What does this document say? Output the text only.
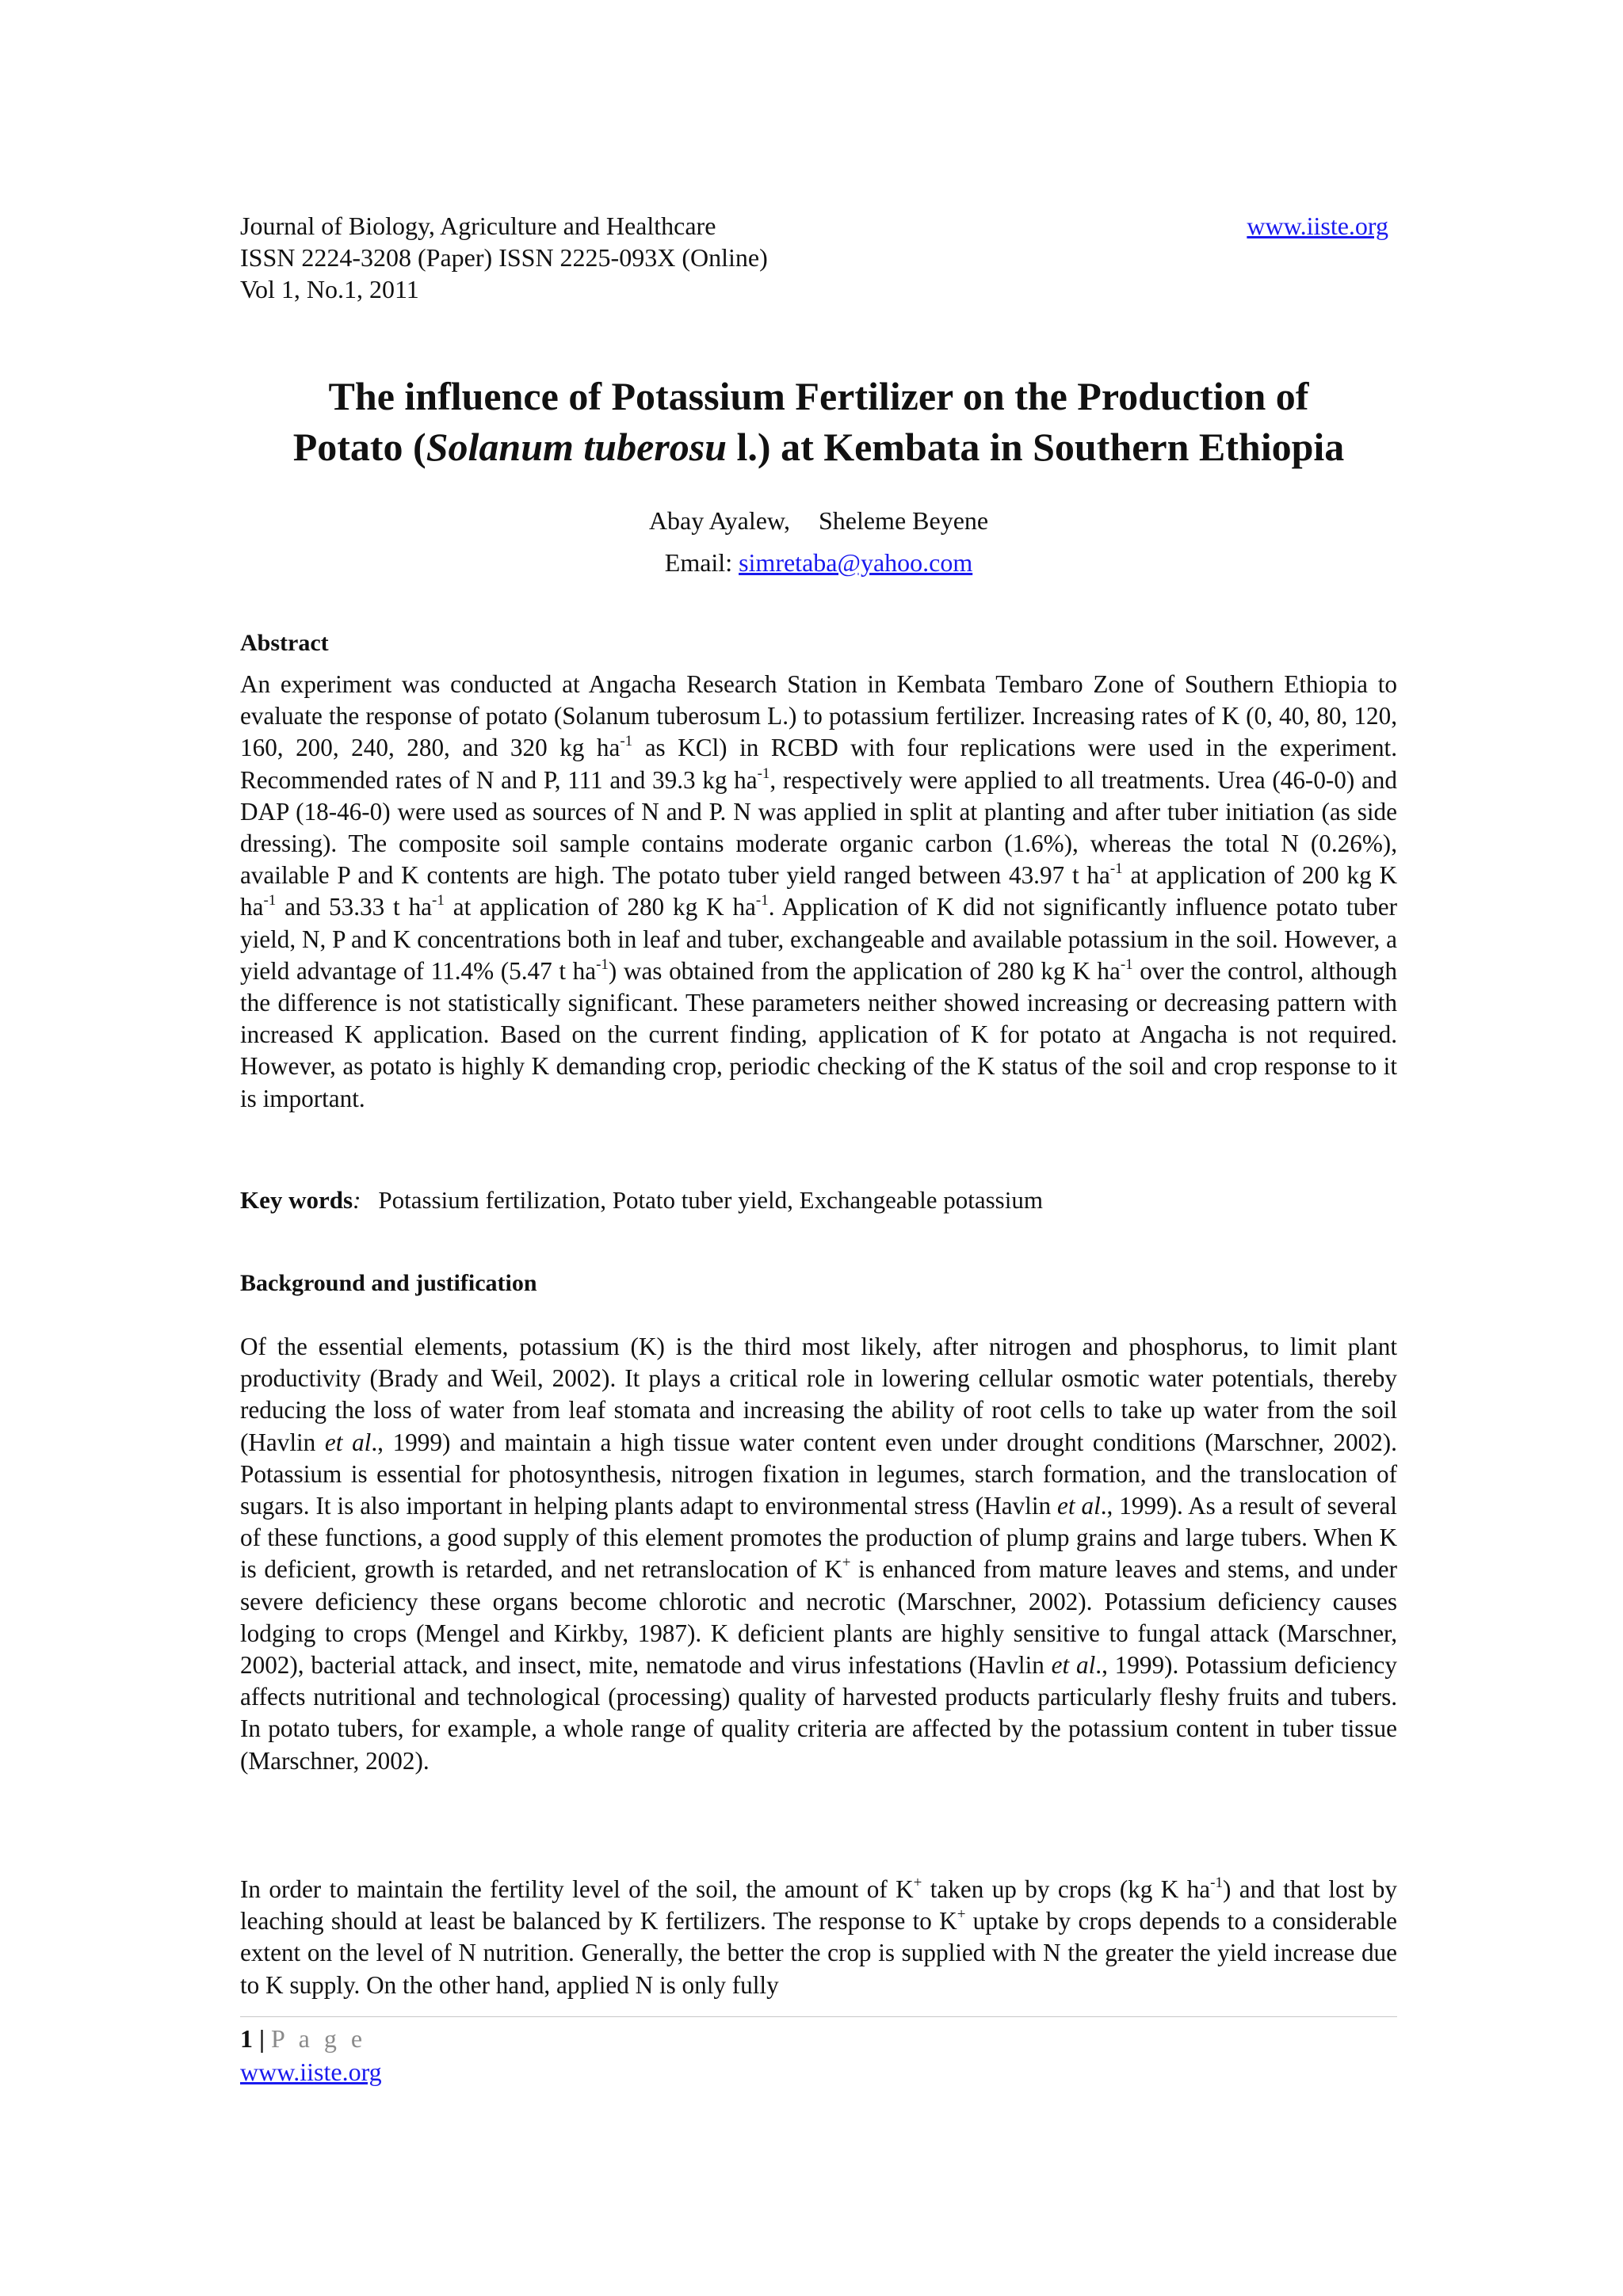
Journal of Biology, Agriculture and Healthcare
ISSN 2224-3208 (Paper) ISSN 2225-093X (Online)
Vol 1, No.1, 2011
www.iiste.org
The influence of Potassium Fertilizer on the Production of
Potato (Solanum tuberosu l.) at Kembata in Southern Ethiopia
Abay Ayalew, Sheleme Beyene
Email: simretaba@yahoo.com
Abstract
An experiment was conducted at Angacha Research Station in Kembata Tembaro Zone of Southern Ethiopia to evaluate the response of potato (Solanum tuberosum L.) to potassium fertilizer. Increasing rates of K (0, 40, 80, 120, 160, 200, 240, 280, and 320 kg $ha^{-1}$ as KCl) in RCBD with four replications were used in the experiment. Recommended rates of N and P, 111 and 39.3 kg $ha^{-1}$, respectively were applied to all treatments. Urea (46-0-0) and DAP (18-46-0) were used as sources of N and P. N was applied in split at planting and after tuber initiation (as side dressing). The composite soil sample contains moderate organic carbon (1.6%), whereas the total N (0.26%), available P and K contents are high. The potato tuber yield ranged between 43.97 t $ha^{-1}$ at application of 200 kg K $ha^{-1}$ and 53.33 t $ha^{-1}$ at application of 280 kg K $ha^{-1}$. Application of K did not significantly influence potato tuber yield, N, P and K concentrations both in leaf and tuber, exchangeable and available potassium in the soil. However, a yield advantage of 11.4% (5.47 t $ha^{-1}$) was obtained from the application of 280 kg K $ha^{-1}$ over the control, although the difference is not statistically significant. These parameters neither showed increasing or decreasing pattern with increased K application. Based on the current finding, application of K for potato at Angacha is not required. However, as potato is highly K demanding crop, periodic checking of the K status of the soil and crop response to it is important.
Key words: Potassium fertilization, Potato tuber yield, Exchangeable potassium
Background and justification
Of the essential elements, potassium (K) is the third most likely, after nitrogen and phosphorus, to limit plant productivity (Brady and Weil, 2002). It plays a critical role in lowering cellular osmotic water potentials, thereby reducing the loss of water from leaf stomata and increasing the ability of root cells to take up water from the soil (Havlin et al., 1999) and maintain a high tissue water content even under drought conditions (Marschner, 2002). Potassium is essential for photosynthesis, nitrogen fixation in legumes, starch formation, and the translocation of sugars. It is also important in helping plants adapt to environmental stress (Havlin et al., 1999). As a result of several of these functions, a good supply of this element promotes the production of plump grains and large tubers. When K is deficient, growth is retarded, and net retranslocation of K+ is enhanced from mature leaves and stems, and under severe deficiency these organs become chlorotic and necrotic (Marschner, 2002). Potassium deficiency causes lodging to crops (Mengel and Kirkby, 1987). K deficient plants are highly sensitive to fungal attack (Marschner, 2002), bacterial attack, and insect, mite, nematode and virus infestations (Havlin et al., 1999). Potassium deficiency affects nutritional and technological (processing) quality of harvested products particularly fleshy fruits and tubers. In potato tubers, for example, a whole range of quality criteria are affected by the potassium content in tuber tissue (Marschner, 2002).
In order to maintain the fertility level of the soil, the amount of K+ taken up by crops (kg K $ha^{-1}$) and that lost by leaching should at least be balanced by K fertilizers. The response to K+ uptake by crops depends to a considerable extent on the level of N nutrition. Generally, the better the crop is supplied with N the greater the yield increase due to K supply. On the other hand, applied N is only fully
1 | P a g e
www.iiste.org
